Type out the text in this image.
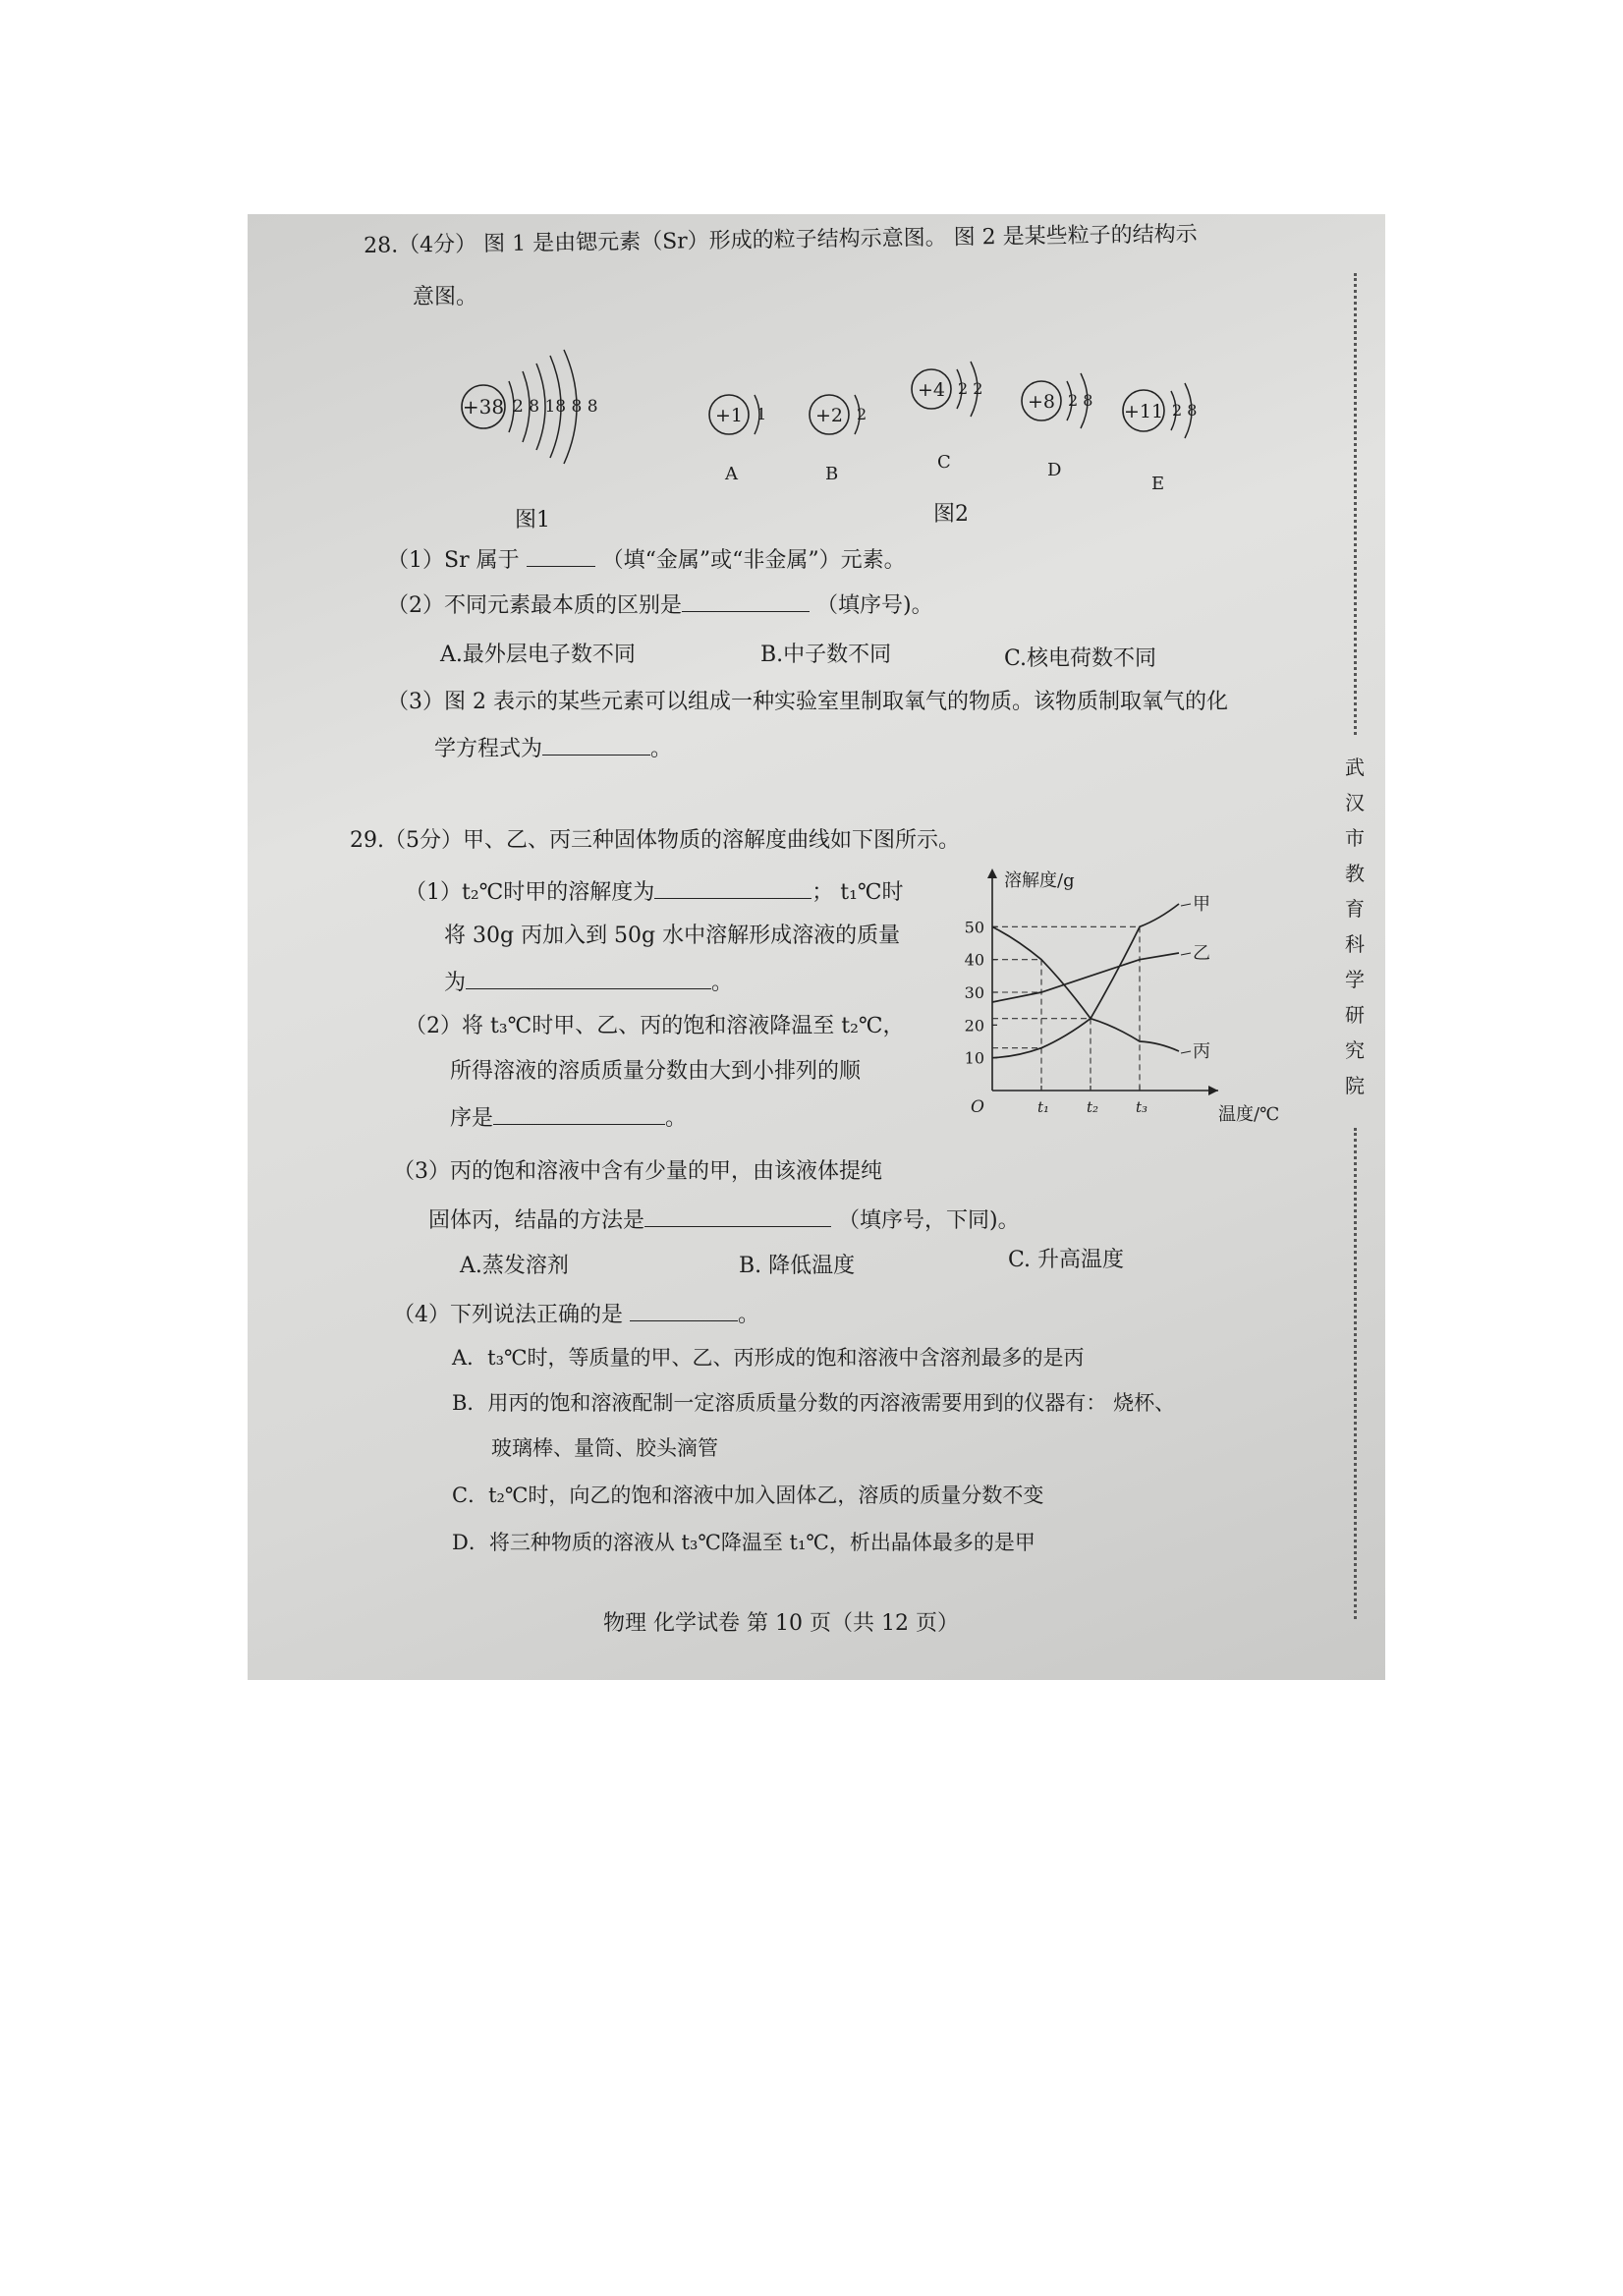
28.（4分） 图 1 是由锶元素（Sr）形成的粒子结构示意图。 图 2 是某些粒子的结构示
意图。
+38 2 8 18 8 8
图1
+1 1
A
+2 2
B
+4 2 2
C
图2
+8 2 8
D
+11 2 8
E
（1）Sr 属于	（填“金属”或“非金属”）元素。
（2）不同元素最本质的区别是	（填序号)。
A.最外层电子数不同	B.中子数不同	C.核电荷数不同
（3）图 2 表示的某些元素可以组成一种实验室里制取氧气的物质。该物质制取氧气的化
学方程式为	。
29.（5分）甲、乙、丙三种固体物质的溶解度曲线如下图所示。
（1）t₂℃时甲的溶解度为	； t₁℃时
将 30g 丙加入到 50g 水中溶解形成溶液的质量
为	。
（2）将 t₃℃时甲、乙、丙的饱和溶液降温至 t₂℃，
所得溶液的溶质质量分数由大到小排列的顺
序是	。
（3）丙的饱和溶液中含有少量的甲，由该液体提纯
固体丙，结晶的方法是	（填序号，下同)。
A.蒸发溶剂	B. 降低温度	C. 升高温度
（4）下列说法正确的是	。
A．t₃℃时，等质量的甲、乙、丙形成的饱和溶液中含溶剂最多的是丙
B．用丙的饱和溶液配制一定溶质质量分数的丙溶液需要用到的仪器有： 烧杯、
玻璃棒、量筒、胶头滴管
C．t₂℃时，向乙的饱和溶液中加入固体乙，溶质的质量分数不变
D．将三种物质的溶液从 t₃℃降温至 t₁℃，析出晶体最多的是甲
溶解度/g
温度/℃
O
10
20
30
40
50
t₁	t₂	t₃
甲
乙
丙
物理 化学试卷 第 10 页（共 12 页）
武
汉
市
教
育
科
学
研
究
院
